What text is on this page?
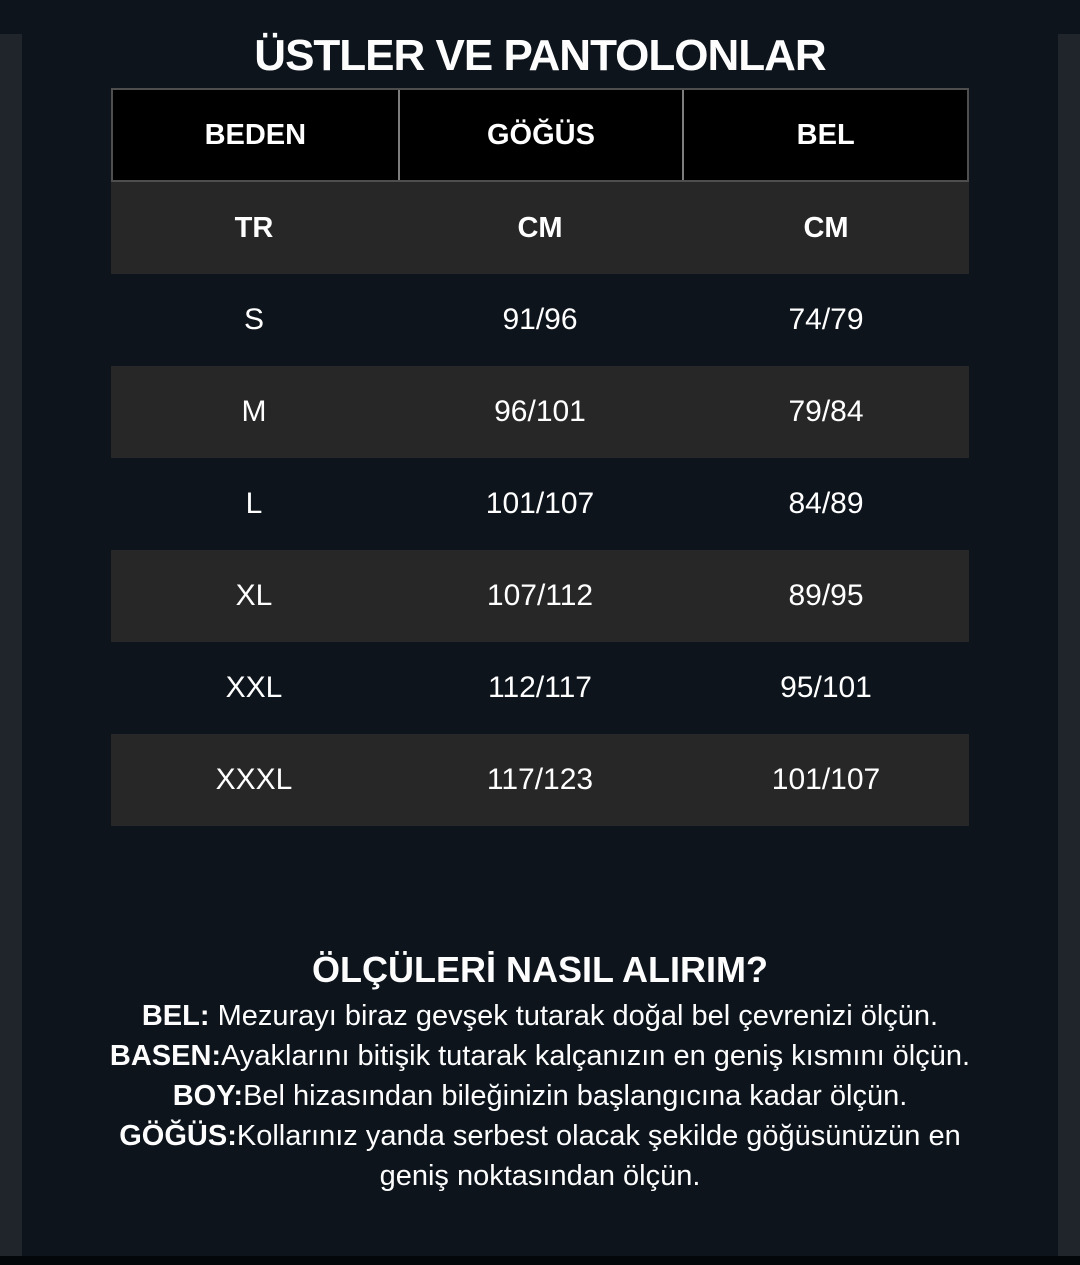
ÜSTLER VE PANTOLONLAR
BEDEN	GÖĞÜS	BEL
TR	CM	CM
S	91/96	74/79
M	96/101	79/84
L	101/107	84/89
XL	107/112	89/95
XXL	112/117	95/101
XXXL	117/123	101/107
ÖLÇÜLERİ NASIL ALIRIM?

BEL: Mezurayı biraz gevşek tutarak doğal bel çevrenizi ölçün.

BASEN:Ayaklarını bitişik tutarak kalçanızın en geniş kısmını ölçün.

BOY:Bel hizasından bileğinizin başlangıcına kadar ölçün.

GÖĞÜS:Kollarınız yanda serbest olacak şekilde göğüsünüzün en geniş noktasından ölçün.
